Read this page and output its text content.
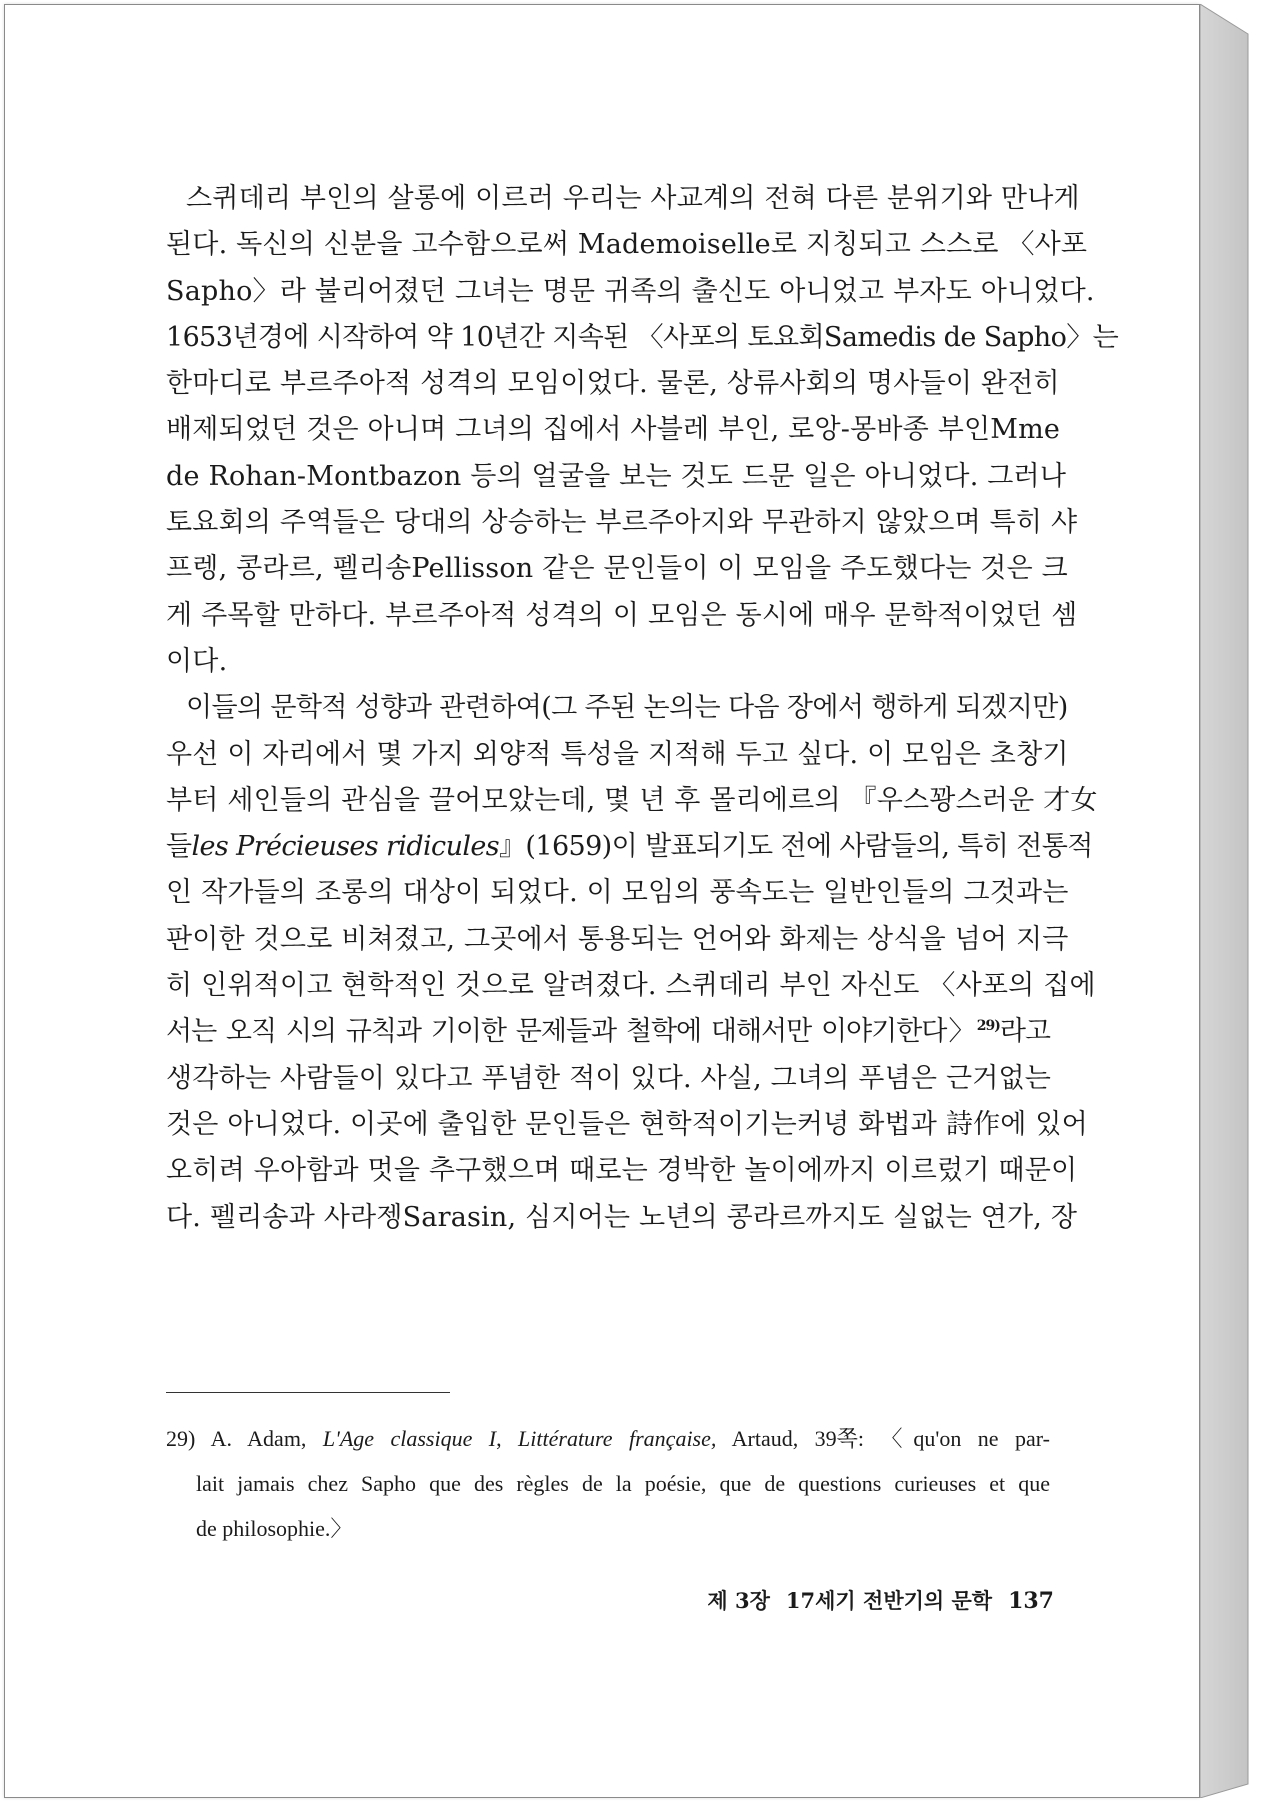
스퀴데리 부인의 살롱에 이르러 우리는 사교계의 전혀 다른 분위기와 만나게
된다. 독신의 신분을 고수함으로써 Mademoiselle로 지칭되고 스스로 〈사포
Sapho〉라 불리어졌던 그녀는 명문 귀족의 출신도 아니었고 부자도 아니었다.
1653년경에 시작하여 약 10년간 지속된 〈사포의 토요회Samedis de Sapho〉는
한마디로 부르주아적 성격의 모임이었다. 물론, 상류사회의 명사들이 완전히
배제되었던 것은 아니며 그녀의 집에서 사블레 부인, 로앙-몽바종 부인Mme
de Rohan-Montbazon 등의 얼굴을 보는 것도 드문 일은 아니었다. 그러나
토요회의 주역들은 당대의 상승하는 부르주아지와 무관하지 않았으며 특히 샤
프렝, 콩라르, 펠리송Pellisson 같은 문인들이 이 모임을 주도했다는 것은 크
게 주목할 만하다. 부르주아적 성격의 이 모임은 동시에 매우 문학적이었던 셈
이다.
이들의 문학적 성향과 관련하여(그 주된 논의는 다음 장에서 행하게 되겠지만)
우선 이 자리에서 몇 가지 외양적 특성을 지적해 두고 싶다. 이 모임은 초창기
부터 세인들의 관심을 끌어모았는데, 몇 년 후 몰리에르의 『우스꽝스러운 才女
들les Précieuses ridicules』(1659)이 발표되기도 전에 사람들의, 특히 전통적
인 작가들의 조롱의 대상이 되었다. 이 모임의 풍속도는 일반인들의 그것과는
판이한 것으로 비쳐졌고, 그곳에서 통용되는 언어와 화제는 상식을 넘어 지극
히 인위적이고 현학적인 것으로 알려졌다. 스퀴데리 부인 자신도 〈사포의 집에
서는 오직 시의 규칙과 기이한 문제들과 철학에 대해서만 이야기한다〉$^{29)}$라고
생각하는 사람들이 있다고 푸념한 적이 있다. 사실, 그녀의 푸념은 근거없는
것은 아니었다. 이곳에 출입한 문인들은 현학적이기는커녕 화법과 詩作에 있어
오히려 우아함과 멋을 추구했으며 때로는 경박한 놀이에까지 이르렀기 때문이
다. 펠리송과 사라젱Sarasin, 심지어는 노년의 콩라르까지도 실없는 연가, 장
29) A. Adam, L'Age classique I, Littérature française, Artaud, 39쪽: 〈qu'on ne par-
lait jamais chez Sapho que des règles de la poésie, que de questions curieuses et que
de philosophie.〉
제 3장 17세기 전반기의 문학 137
